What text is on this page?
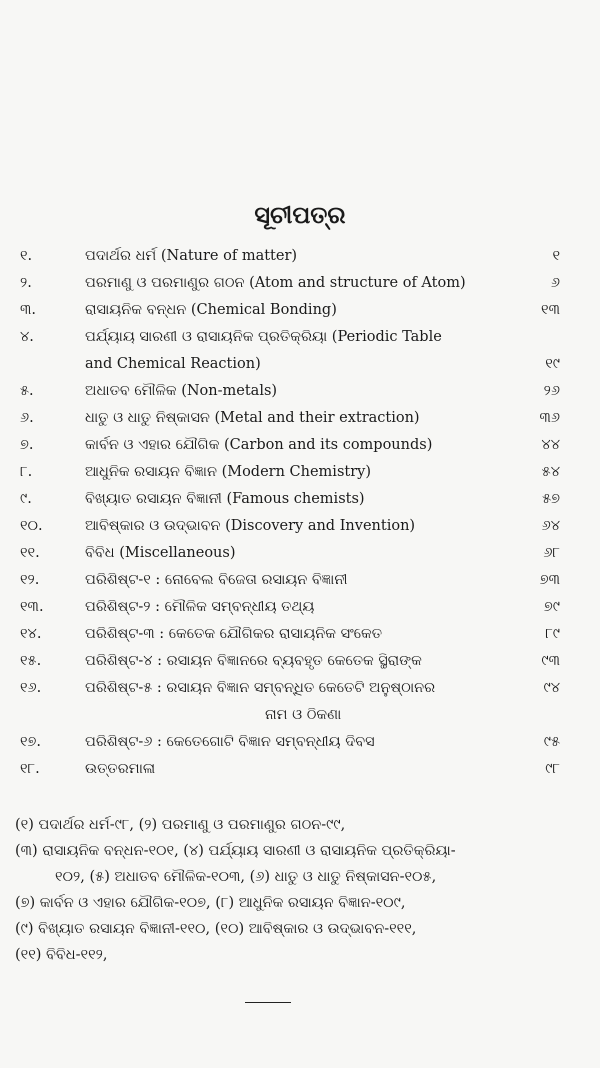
ସୂଚୀପତ୍ର
୧.	ପଦାର୍ଥର ଧର୍ମ (Nature of matter)	୧
୨.	ପରମାଣୁ ଓ ପରମାଣୁର ଗଠନ (Atom and structure of Atom)	୬
୩.	ରାସାୟନିକ ବନ୍ଧନ (Chemical Bonding)	୧୩
୪.	ପର୍ଯ୍ୟାୟ ସାରଣୀ ଓ ରାସାୟନିକ ପ୍ରତିକ୍ରିୟା (Periodic Table
and Chemical Reaction)	୧୯
୫.	ଅଧାତବ ମୌଳିକ (Non-metals)	୨୬
୬.	ଧାତୁ ଓ ଧାତୁ ନିଷ୍କାସନ (Metal and their extraction)	୩୬
୭.	କାର୍ବନ ଓ ଏହାର ଯୌଗିକ (Carbon and its compounds)	୪୪
୮.	ଆଧୁନିକ ରସାୟନ ବିଜ୍ଞାନ (Modern Chemistry)	୫୪
୯.	ବିଖ୍ୟାତ ରସାୟନ ବିଜ୍ଞାନୀ (Famous chemists)	୫୭
୧୦.	ଆବିଷ୍କାର ଓ ଉଦ୍ଭାବନ (Discovery and Invention)	୬୪
୧୧.	ବିବିଧ (Miscellaneous)	୬୮
୧୨.	ପରିଶିଷ୍ଟ-୧ : ନୋବେଲ ବିଜେତା ରସାୟନ ବିଜ୍ଞାନୀ	୭୩
୧୩.	ପରିଶିଷ୍ଟ-୨ : ମୌଳିକ ସମ୍ବନ୍ଧୀୟ ତଥ୍ୟ	୭୯
୧୪.	ପରିଶିଷ୍ଟ-୩ : କେତେକ ଯୌଗିକର ରାସାୟନିକ ସଂକେତ	୮୯
୧୫.	ପରିଶିଷ୍ଟ-୪ : ରସାୟନ ବିଜ୍ଞାନରେ ବ୍ୟବହୃତ କେତେକ ସ୍ଥିରାଙ୍କ	୯୩
୧୬.	ପରିଶିଷ୍ଟ-୫ : ରସାୟନ ବିଜ୍ଞାନ ସମ୍ବନ୍ଧିତ କେତେଟି ଅନୁଷ୍ଠାନର	୯୪
ନାମ ଓ ଠିକଣା
୧୭.	ପରିଶିଷ୍ଟ-୬ : କେତେଗୋଟି ବିଜ୍ଞାନ ସମ୍ବନ୍ଧୀୟ ଦିବସ	୯୫
୧୮.	ଉତ୍ତରମାଳା	୯୮
(୧) ପଦାର୍ଥର ଧର୍ମ-୯୮, (୨) ପରମାଣୁ ଓ ପରମାଣୁର ଗଠନ-୯୯,
(୩) ରାସାୟନିକ ବନ୍ଧନ-୧୦୧, (୪) ପର୍ଯ୍ୟାୟ ସାରଣୀ ଓ ରାସାୟନିକ ପ୍ରତିକ୍ରିୟା-
୧୦୨, (୫) ଅଧାତବ ମୌଳିକ-୧୦୩, (୬) ଧାତୁ ଓ ଧାତୁ ନିଷ୍କାସନ-୧୦୫,
(୭) କାର୍ବନ ଓ ଏହାର ଯୌଗିକ-୧୦୭, (୮) ଆଧୁନିକ ରସାୟନ ବିଜ୍ଞାନ-୧୦୯,
(୯) ବିଖ୍ୟାତ ରସାୟନ ବିଜ୍ଞାନୀ-୧୧୦, (୧୦) ଆବିଷ୍କାର ଓ ଉଦ୍ଭାବନ-୧୧୧,
(୧୧) ବିବିଧ-୧୧୨,
